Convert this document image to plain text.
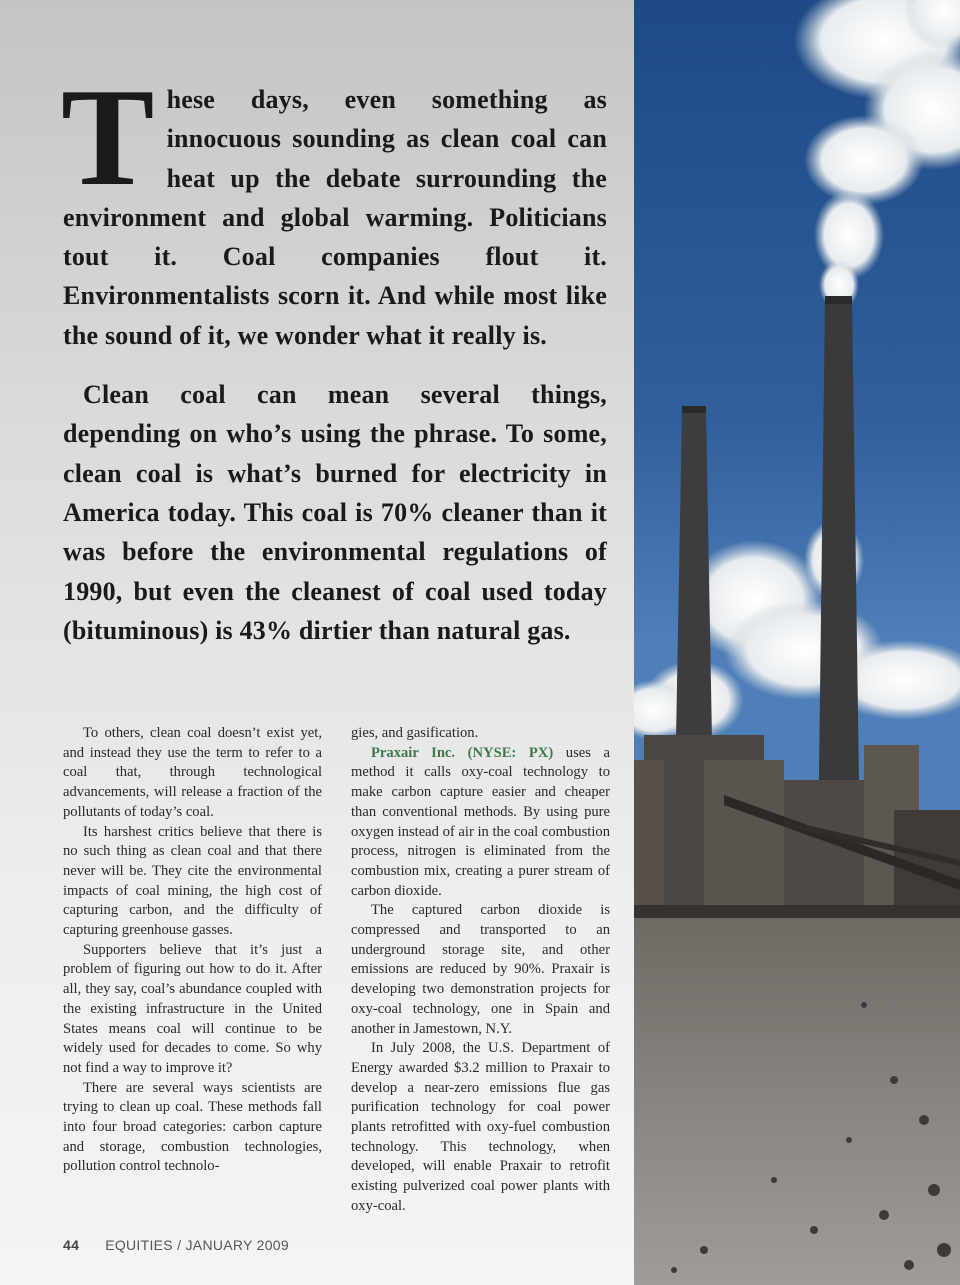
These days, even something as innocuous sounding as clean coal can heat up the debate surrounding the environment and global warming. Politicians tout it. Coal companies flout it. Environmentalists scorn it. And while most like the sound of it, we wonder what it really is.

Clean coal can mean several things, depending on who’s using the phrase. To some, clean coal is what’s burned for electricity in America today. This coal is 70% cleaner than it was before the environmental regulations of 1990, but even the cleanest of coal used today (bituminous) is 43% dirtier than natural gas.

To others, clean coal doesn’t exist yet, and instead they use the term to refer to a coal that, through technological advancements, will release a fraction of the pollutants of today’s coal.

Its harshest critics believe that there is no such thing as clean coal and that there never will be. They cite the environmental impacts of coal mining, the high cost of capturing carbon, and the difficulty of capturing greenhouse gasses.

Supporters believe that it’s just a problem of figuring out how to do it. After all, they say, coal’s abundance coupled with the existing infrastructure in the United States means coal will continue to be widely used for decades to come. So why not find a way to improve it?

There are several ways scientists are trying to clean up coal. These methods fall into four broad categories: carbon capture and storage, combustion technologies, pollution control technolo-

gies, and gasification.

Praxair Inc. (NYSE: PX) uses a method it calls oxy-coal technology to make carbon capture easier and cheaper than conventional methods. By using pure oxygen instead of air in the coal combustion process, nitrogen is eliminated from the combustion mix, creating a purer stream of carbon dioxide.

The captured carbon dioxide is compressed and transported to an underground storage site, and other emissions are reduced by 90%. Praxair is developing two demonstration projects for oxy-coal technology, one in Spain and another in Jamestown, N.Y.

In July 2008, the U.S. Department of Energy awarded $3.2 million to Praxair to develop a near-zero emissions flue gas purification technology for coal power plants retrofitted with oxy-fuel combustion technology. This technology, when developed, will enable Praxair to retrofit existing pulverized coal power plants with oxy-coal.

44 EQUITIES / JANUARY 2009
